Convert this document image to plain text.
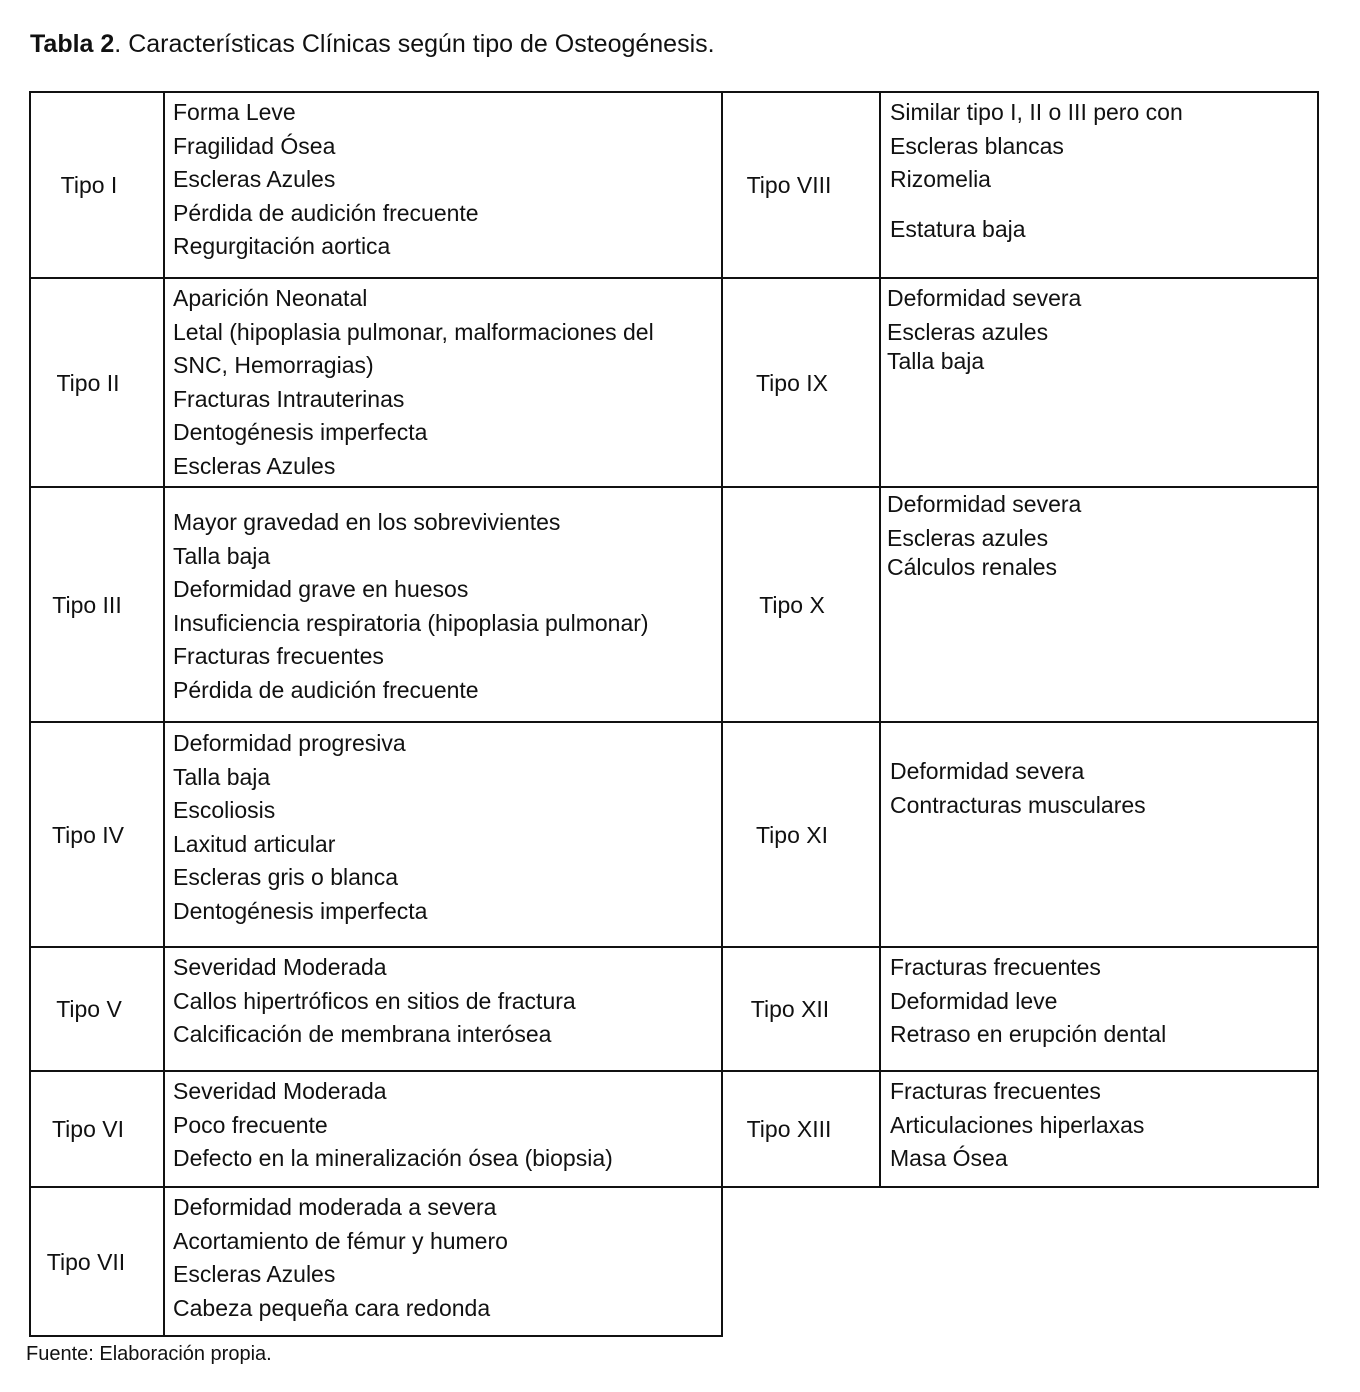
Tabla 2. Características Clínicas según tipo de Osteogénesis.
Tipo I
Forma Leve
Fragilidad Ósea
Escleras Azules
Pérdida de audición frecuente
Regurgitación aortica
Tipo II
Aparición Neonatal
Letal (hipoplasia pulmonar, malformaciones del
SNC, Hemorragias)
Fracturas Intrauterinas
Dentogénesis imperfecta
Escleras Azules
Tipo III
Mayor gravedad en los sobrevivientes
Talla baja
Deformidad grave en huesos
Insuficiencia respiratoria (hipoplasia pulmonar)
Fracturas frecuentes
Pérdida de audición frecuente
Tipo IV
Deformidad progresiva
Talla baja
Escoliosis
Laxitud articular
Escleras gris o blanca
Dentogénesis imperfecta
Tipo V
Severidad Moderada
Callos hipertróficos en sitios de fractura
Calcificación de membrana interósea
Tipo VI
Severidad Moderada
Poco frecuente
Defecto en la mineralización ósea (biopsia)
Tipo VII
Deformidad moderada a severa
Acortamiento de fémur y humero
Escleras Azules
Cabeza pequeña cara redonda
Tipo VIII
Similar tipo I, II o III pero con
Escleras blancas
Rizomelia
Estatura baja
Tipo IX
Deformidad severa
Escleras azules
Talla baja
Tipo X
Deformidad severa
Escleras azules
Cálculos renales
Tipo XI
Deformidad severa
Contracturas musculares
Tipo XII
Fracturas frecuentes
Deformidad leve
Retraso en erupción dental
Tipo XIII
Fracturas frecuentes
Articulaciones hiperlaxas
Masa Ósea
Fuente: Elaboración propia.
